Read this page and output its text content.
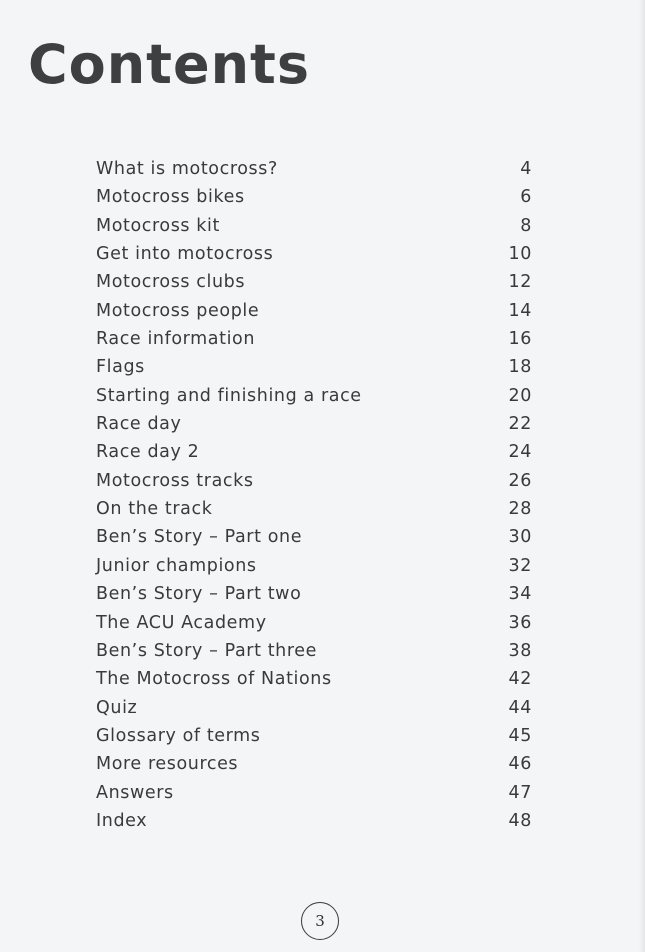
Contents
What is motocross?	4
Motocross bikes	6
Motocross kit	8
Get into motocross	10
Motocross clubs	12
Motocross people	14
Race information	16
Flags	18
Starting and finishing a race	20
Race day	22
Race day 2	24
Motocross tracks	26
On the track	28
Ben’s Story – Part one	30
Junior champions	32
Ben’s Story – Part two	34
The ACU Academy	36
Ben’s Story – Part three	38
The Motocross of Nations	42
Quiz	44
Glossary of terms	45
More resources	46
Answers	47
Index	48
3
